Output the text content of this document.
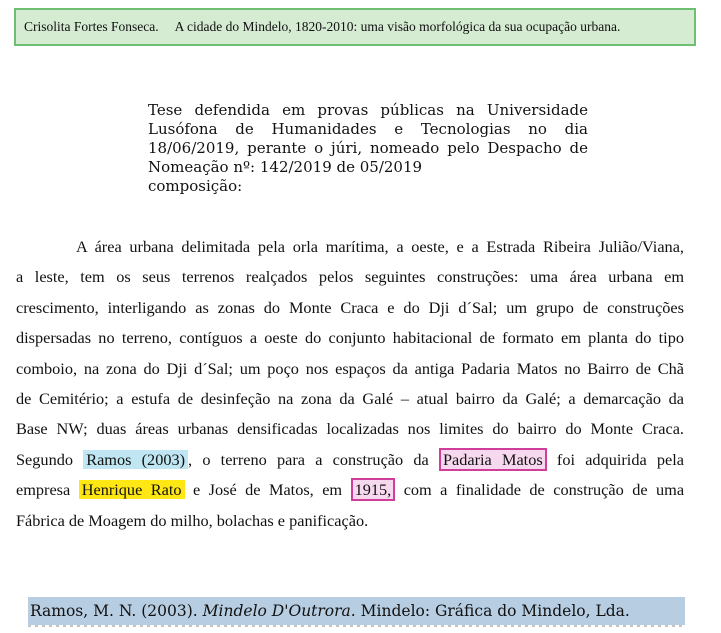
Crisolita Fortes Fonseca. A cidade do Mindelo, 1820-2010: uma visão morfológica da sua ocupação urbana.
Tese defendida em provas públicas na Universidade
Lusófona de Humanidades e Tecnologias no dia
18/06/2019, perante o júri, nomeado pelo Despacho de
Nomeação nº: 142/2019 de 05/2019
composição:
A área urbana delimitada pela orla marítima, a oeste, e a Estrada Ribeira Julião/Viana,
a leste, tem os seus terrenos realçados pelos seguintes construções: uma área urbana em
crescimento, interligando as zonas do Monte Craca e do Dji d´Sal; um grupo de construções
dispersadas no terreno, contíguos a oeste do conjunto habitacional de formato em planta do tipo
comboio, na zona do Dji d´Sal; um poço nos espaços da antiga Padaria Matos no Bairro de Chã
de Cemitério; a estufa de desinfeção na zona da Galé – atual bairro da Galé; a demarcação da
Base NW; duas áreas urbanas densificadas localizadas nos limites do bairro do Monte Craca.
Segundo Ramos (2003) , o terreno para a construção da Padaria Matos foi adquirida pela
empresa Henrique Rato e José de Matos, em 1915, com a finalidade de construção de uma
Fábrica de Moagem do milho, bolachas e panificação.
Ramos, M. N. (2003). Mindelo D'Outrora. Mindelo: Gráfica do Mindelo, Lda.
